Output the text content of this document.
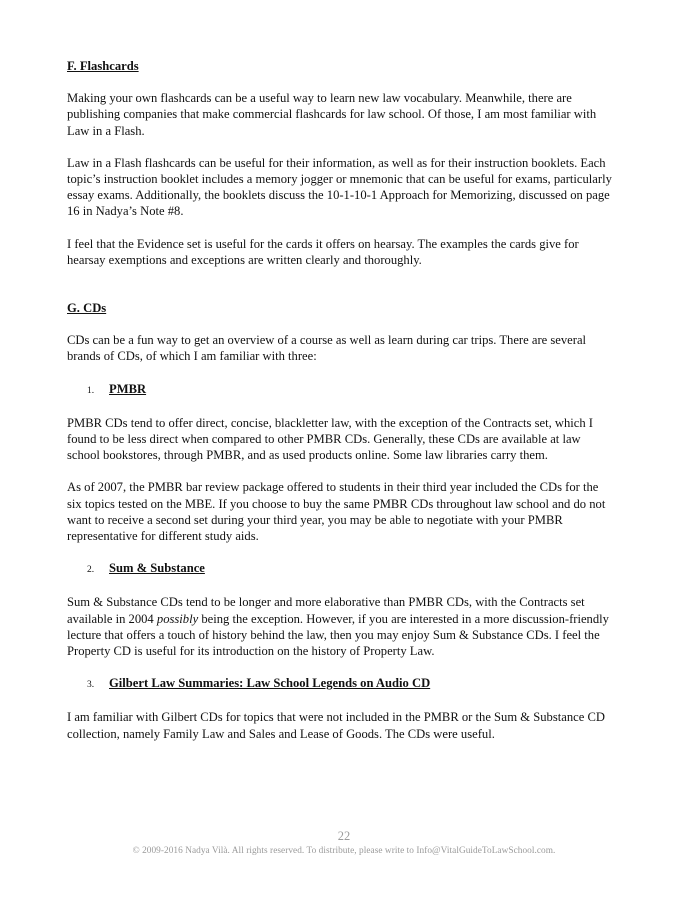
F. Flashcards

Making your own flashcards can be a useful way to learn new law vocabulary. Meanwhile, there are publishing companies that make commercial flashcards for law school. Of those, I am most familiar with Law in a Flash.

Law in a Flash flashcards can be useful for their information, as well as for their instruction booklets. Each topic’s instruction booklet includes a memory jogger or mnemonic that can be useful for exams, particularly essay exams. Additionally, the booklets discuss the 10-1-10-1 Approach for Memorizing, discussed on page 16 in Nadya’s Note #8.

I feel that the Evidence set is useful for the cards it offers on hearsay. The examples the cards give for hearsay exemptions and exceptions are written clearly and thoroughly.

G. CDs

CDs can be a fun way to get an overview of a course as well as learn during car trips. There are several brands of CDs, of which I am familiar with three:

1.	PMBR

PMBR CDs tend to offer direct, concise, blackletter law, with the exception of the Contracts set, which I found to be less direct when compared to other PMBR CDs. Generally, these CDs are available at law school bookstores, through PMBR, and as used products online. Some law libraries carry them.

As of 2007, the PMBR bar review package offered to students in their third year included the CDs for the six topics tested on the MBE. If you choose to buy the same PMBR CDs throughout law school and do not want to receive a second set during your third year, you may be able to negotiate with your PMBR representative for different study aids.

2.	Sum & Substance

Sum & Substance CDs tend to be longer and more elaborative than PMBR CDs, with the Contracts set available in 2004 possibly being the exception. However, if you are interested in a more discussion-friendly lecture that offers a touch of history behind the law, then you may enjoy Sum & Substance CDs. I feel the Property CD is useful for its introduction on the history of Property Law.

3.	Gilbert Law Summaries: Law School Legends on Audio CD

I am familiar with Gilbert CDs for topics that were not included in the PMBR or the Sum & Substance CD collection, namely Family Law and Sales and Lease of Goods. The CDs were useful.

22
© 2009-2016 Nadya Vilà. All rights reserved. To distribute, please write to Info@VitalGuideToLawSchool.com.
